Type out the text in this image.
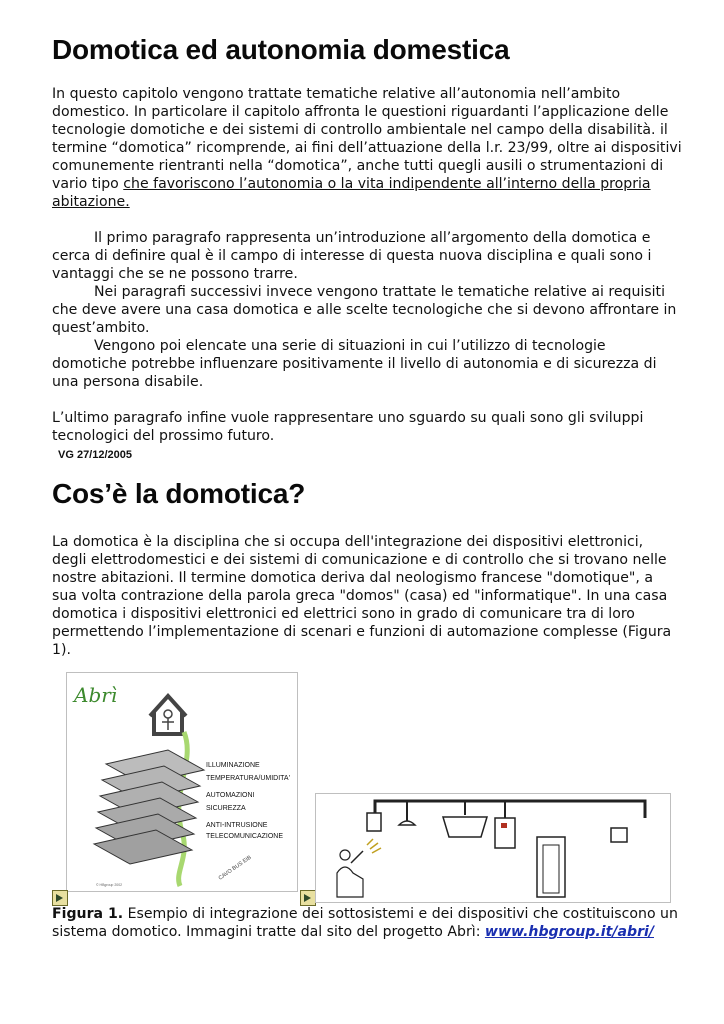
Domotica ed autonomia domestica

In questo capitolo vengono trattate tematiche relative all’autonomia nell’ambito domestico. In particolare il capitolo affronta le questioni riguardanti l’applicazione delle tecnologie domotiche e dei sistemi di controllo ambientale nel campo della disabilità. il termine “domotica” ricomprende, ai fini dell’attuazione della l.r. 23/99, oltre ai dispositivi comunemente rientranti nella “domotica”, anche tutti quegli ausili o strumentazioni di vario tipo che favoriscono l’autonomia o la vita indipendente all’interno della propria abitazione.

Il primo paragrafo rappresenta un’introduzione all’argomento della domotica e cerca di definire qual è il campo di interesse di questa nuova disciplina e quali sono i vantaggi che se ne possono trarre.

Nei paragrafi successivi invece vengono trattate le tematiche relative ai requisiti che deve avere una casa domotica e alle scelte tecnologiche che si devono affrontare in quest’ambito.

Vengono poi elencate una serie di situazioni in cui l’utilizzo di tecnologie domotiche potrebbe influenzare positivamente il livello di autonomia e di sicurezza di una persona disabile.

L’ultimo paragrafo infine vuole rappresentare uno sguardo su quali sono gli sviluppi tecnologici del prossimo futuro.

VG 27/12/2005
Cos’è la domotica?

La domotica è la disciplina che si occupa dell'integrazione dei dispositivi elettronici, degli elettrodomestici e dei sistemi di comunicazione e di controllo che si trovano nelle nostre abitazioni. Il termine domotica deriva dal neologismo francese "domotique", a sua volta contrazione della parola greca "domos" (casa) ed "informatique". In una casa domotica i dispositivi elettronici ed elettrici sono in grado di comunicare tra di loro permettendo l’implementazione di scenari e funzioni di automazione complesse (Figura 1).

Figura 1. Esempio di integrazione dei sottosistemi e dei dispositivi che costituiscono un sistema domotico. Immagini tratte dal sito del progetto Abrì: www.hbgroup.it/abri/

Abrì
ILLUMINAZIONE
TEMPERATURA/UMIDITA'
AUTOMAZIONI
SICUREZZA
ANTI-INTRUSIONE
TELECOMUNICAZIONE
CAVO BUS EIB
© HBgroup 2002
